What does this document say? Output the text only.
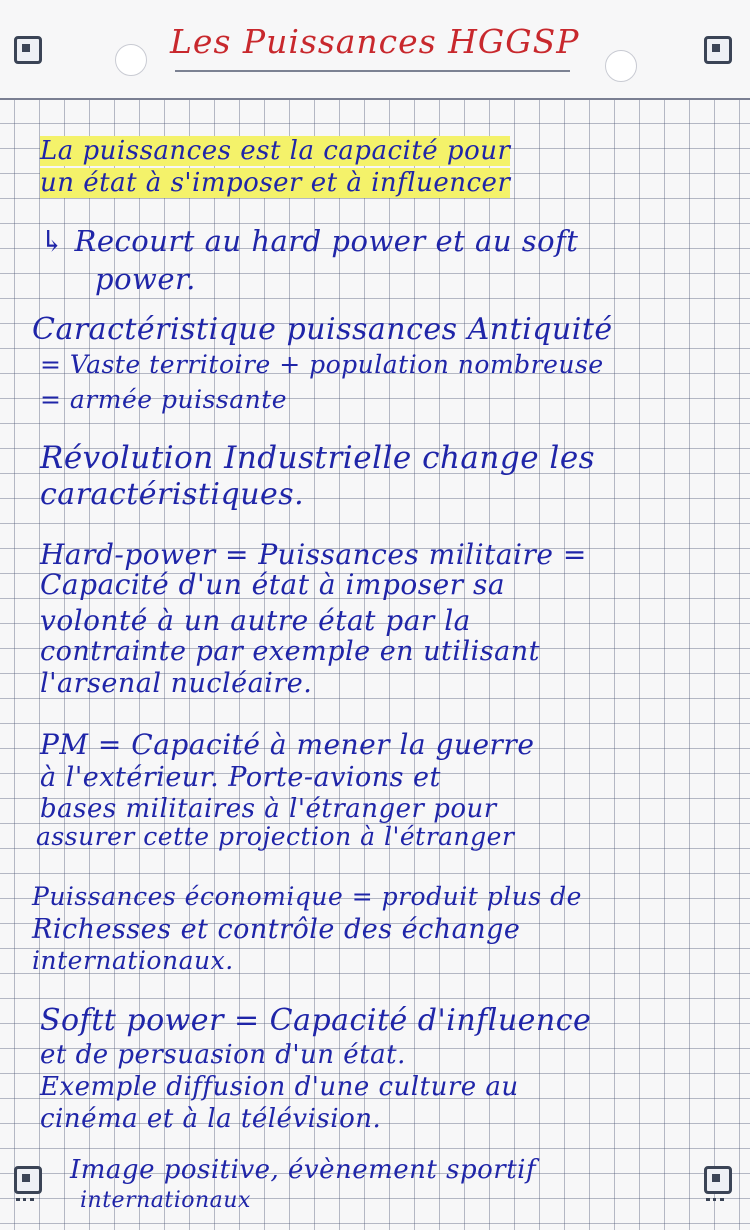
Les Puissances HGGSP
La puissances est la capacité pour
un état à s'imposer et à influencer
↳ Recourt au hard power et au soft
power.
Caractéristique puissances Antiquité
= Vaste territoire + population nombreuse
= armée puissante
Révolution Industrielle change les
caractéristiques.
Hard-power = Puissances militaire =
Capacité d'un état à imposer sa
volonté à un autre état par la
contrainte par exemple en utilisant
l'arsenal nucléaire.
PM = Capacité à mener la guerre
à l'extérieur. Porte-avions et
bases militaires à l'étranger pour
assurer cette projection à l'étranger
Puissances économique = produit plus de
Richesses et contrôle des échange
internationaux.
Softt power = Capacité d'influence
et de persuasion d'un état.
Exemple diffusion d'une culture au
cinéma et à la télévision.
Image positive, évènement sportif
internationaux
